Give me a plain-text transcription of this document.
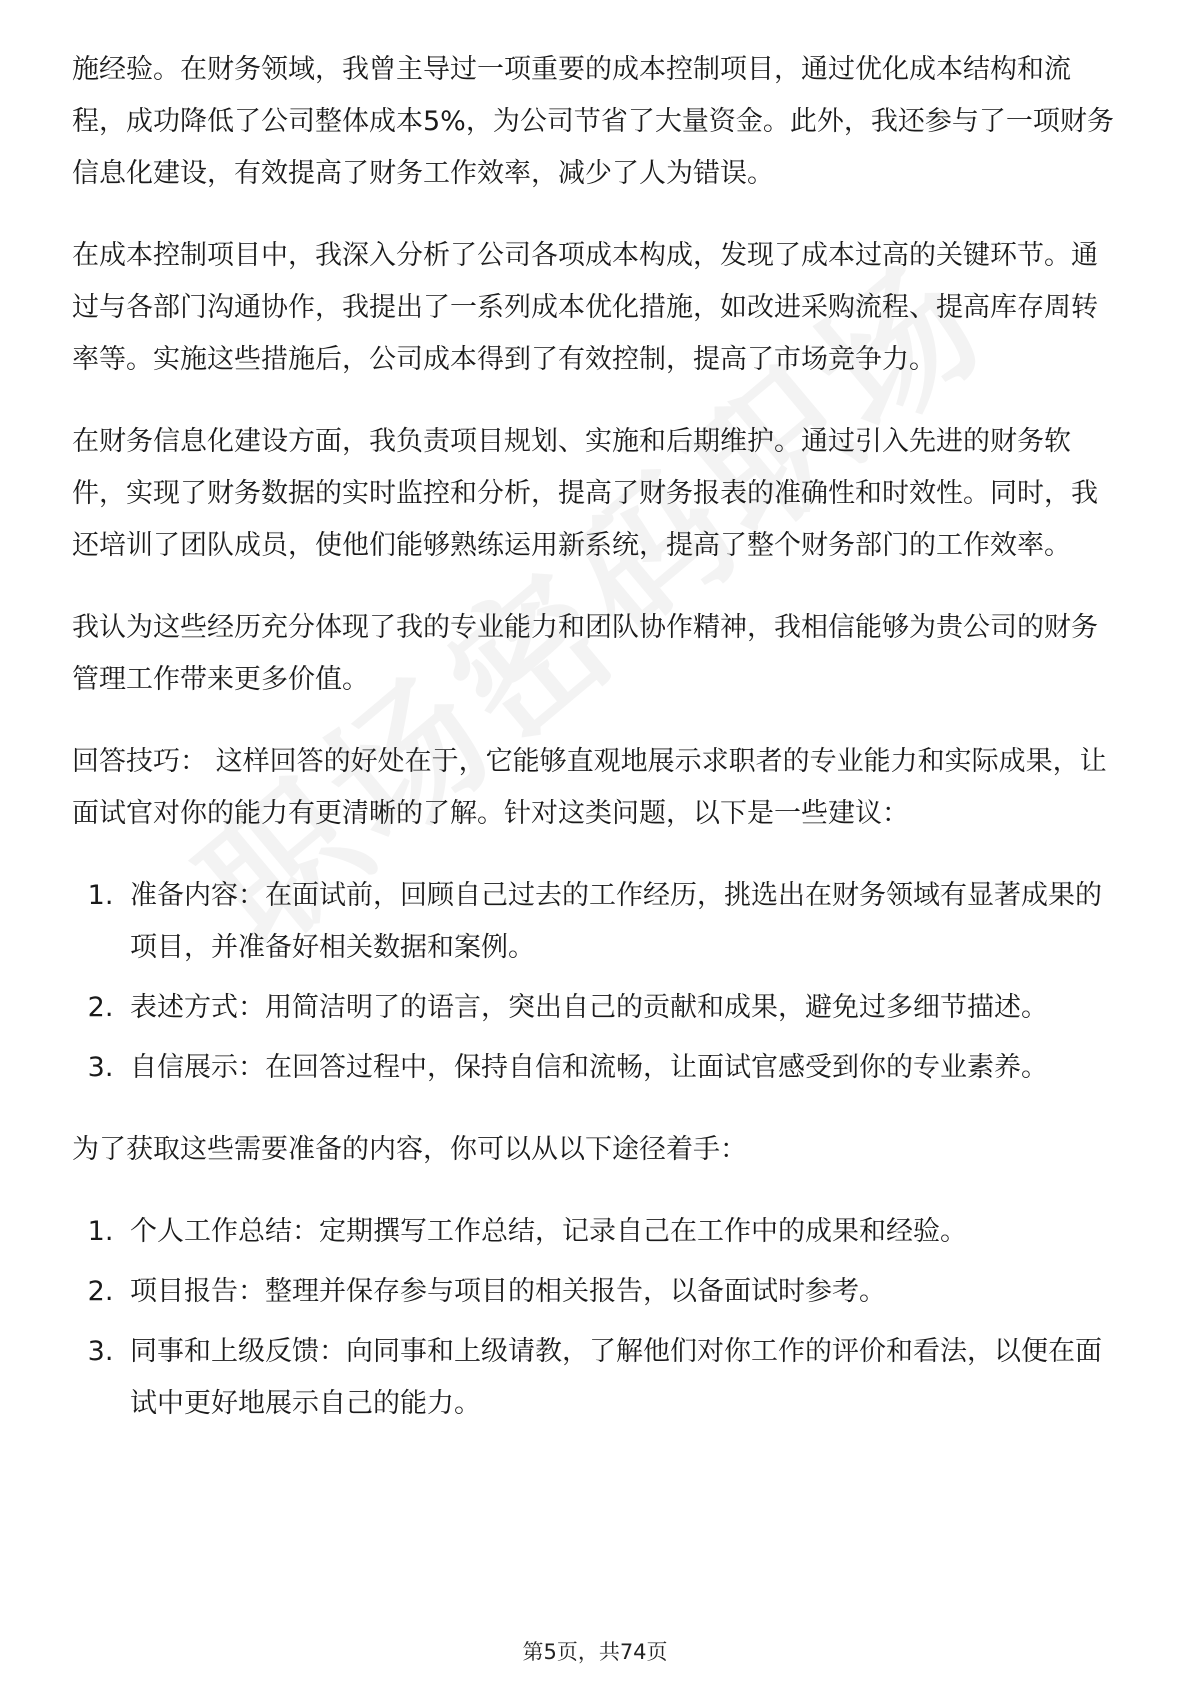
施经验。在财务领域，我曾主导过一项重要的成本控制项目，通过优化成本结构和流程，成功降低了公司整体成本5%，为公司节省了大量资金。此外，我还参与了一项财务信息化建设，有效提高了财务工作效率，减少了人为错误。

在成本控制项目中，我深入分析了公司各项成本构成，发现了成本过高的关键环节。通过与各部门沟通协作，我提出了一系列成本优化措施，如改进采购流程、提高库存周转率等。实施这些措施后，公司成本得到了有效控制，提高了市场竞争力。

在财务信息化建设方面，我负责项目规划、实施和后期维护。通过引入先进的财务软件，实现了财务数据的实时监控和分析，提高了财务报表的准确性和时效性。同时，我还培训了团队成员，使他们能够熟练运用新系统，提高了整个财务部门的工作效率。

我认为这些经历充分体现了我的专业能力和团队协作精神，我相信能够为贵公司的财务管理工作带来更多价值。

回答技巧： 这样回答的好处在于，它能够直观地展示求职者的专业能力和实际成果，让面试官对你的能力有更清晰的了解。针对这类问题，以下是一些建议：

1. 准备内容：在面试前，回顾自己过去的工作经历，挑选出在财务领域有显著成果的项目，并准备好相关数据和案例。
2. 表述方式：用简洁明了的语言，突出自己的贡献和成果，避免过多细节描述。
3. 自信展示：在回答过程中，保持自信和流畅，让面试官感受到你的专业素养。

为了获取这些需要准备的内容，你可以从以下途径着手：

1. 个人工作总结：定期撰写工作总结，记录自己在工作中的成果和经验。
2. 项目报告：整理并保存参与项目的相关报告，以备面试时参考。
3. 同事和上级反馈：向同事和上级请教，了解他们对你工作的评价和看法，以便在面试中更好地展示自己的能力。
第5页，共74页
